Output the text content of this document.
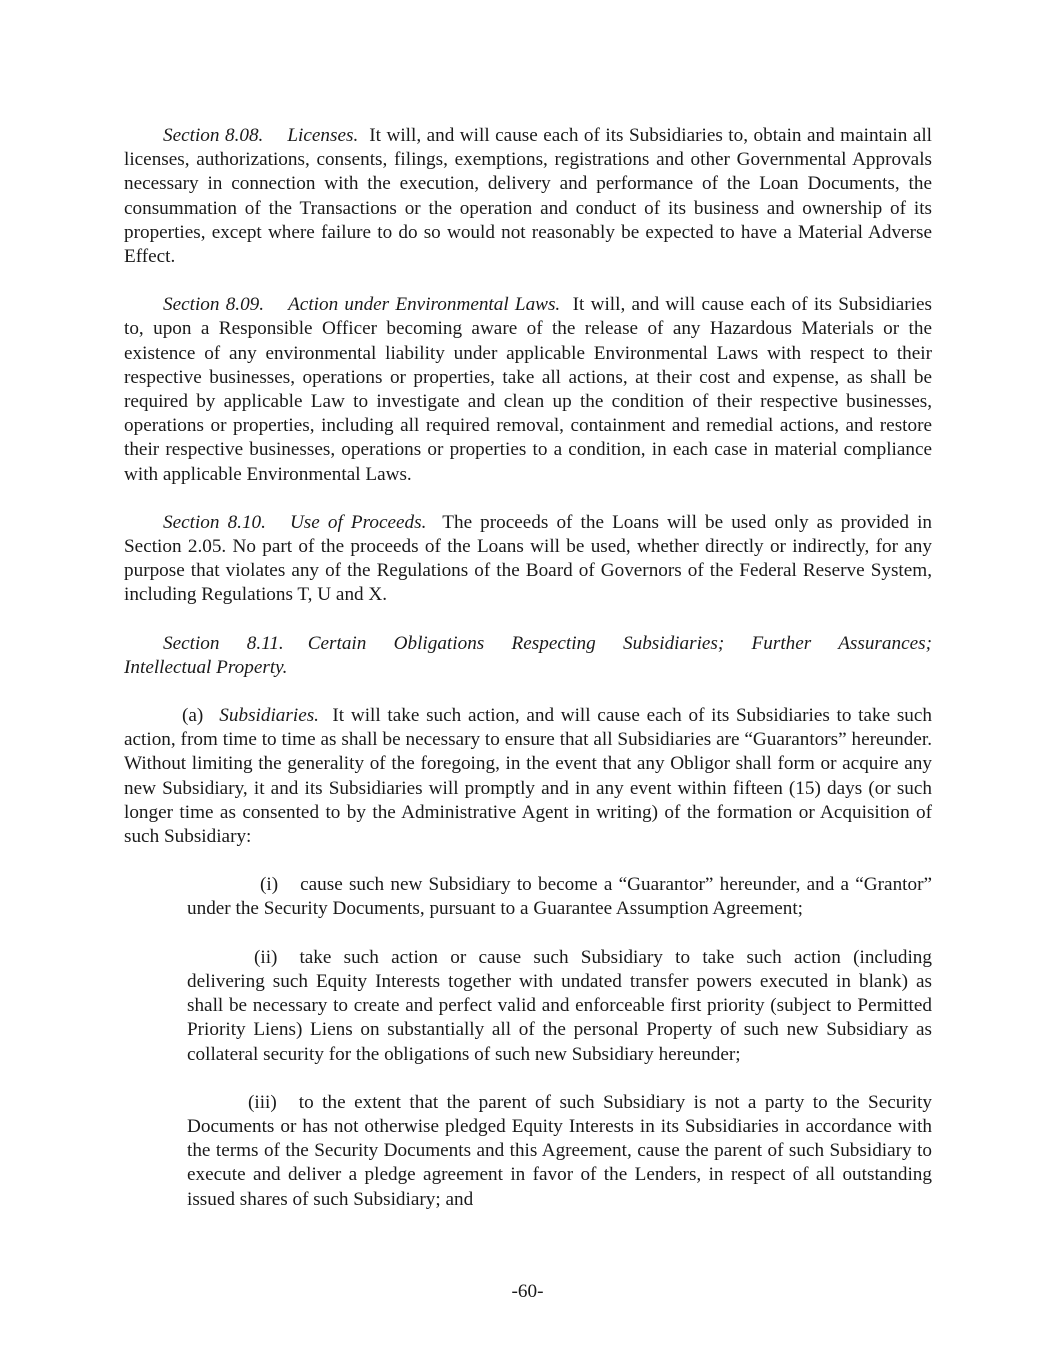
Section 8.08. Licenses. It will, and will cause each of its Subsidiaries to, obtain and maintain all licenses, authorizations, consents, filings, exemptions, registrations and other Governmental Approvals necessary in connection with the execution, delivery and performance of the Loan Documents, the consummation of the Transactions or the operation and conduct of its business and ownership of its properties, except where failure to do so would not reasonably be expected to have a Material Adverse Effect.

Section 8.09. Action under Environmental Laws. It will, and will cause each of its Subsidiaries to, upon a Responsible Officer becoming aware of the release of any Hazardous Materials or the existence of any environmental liability under applicable Environmental Laws with respect to their respective businesses, operations or properties, take all actions, at their cost and expense, as shall be required by applicable Law to investigate and clean up the condition of their respective businesses, operations or properties, including all required removal, containment and remedial actions, and restore their respective businesses, operations or properties to a condition, in each case in material compliance with applicable Environmental Laws.

Section 8.10. Use of Proceeds. The proceeds of the Loans will be used only as provided in Section 2.05. No part of the proceeds of the Loans will be used, whether directly or indirectly, for any purpose that violates any of the Regulations of the Board of Governors of the Federal Reserve System, including Regulations T, U and X.

Section 8.11. Certain Obligations Respecting Subsidiaries; Further Assurances;

Intellectual Property.

(a) Subsidiaries. It will take such action, and will cause each of its Subsidiaries to take such action, from time to time as shall be necessary to ensure that all Subsidiaries are “Guarantors” hereunder. Without limiting the generality of the foregoing, in the event that any Obligor shall form or acquire any new Subsidiary, it and its Subsidiaries will promptly and in any event within fifteen (15) days (or such longer time as consented to by the Administrative Agent in writing) of the formation or Acquisition of such Subsidiary:

(i) cause such new Subsidiary to become a “Guarantor” hereunder, and a “Grantor” under the Security Documents, pursuant to a Guarantee Assumption Agreement;

(ii) take such action or cause such Subsidiary to take such action (including delivering such Equity Interests together with undated transfer powers executed in blank) as shall be necessary to create and perfect valid and enforceable first priority (subject to Permitted Priority Liens) Liens on substantially all of the personal Property of such new Subsidiary as collateral security for the obligations of such new Subsidiary hereunder;

(iii) to the extent that the parent of such Subsidiary is not a party to the Security Documents or has not otherwise pledged Equity Interests in its Subsidiaries in accordance with the terms of the Security Documents and this Agreement, cause the parent of such Subsidiary to execute and deliver a pledge agreement in favor of the Lenders, in respect of all outstanding issued shares of such Subsidiary; and

-60-
